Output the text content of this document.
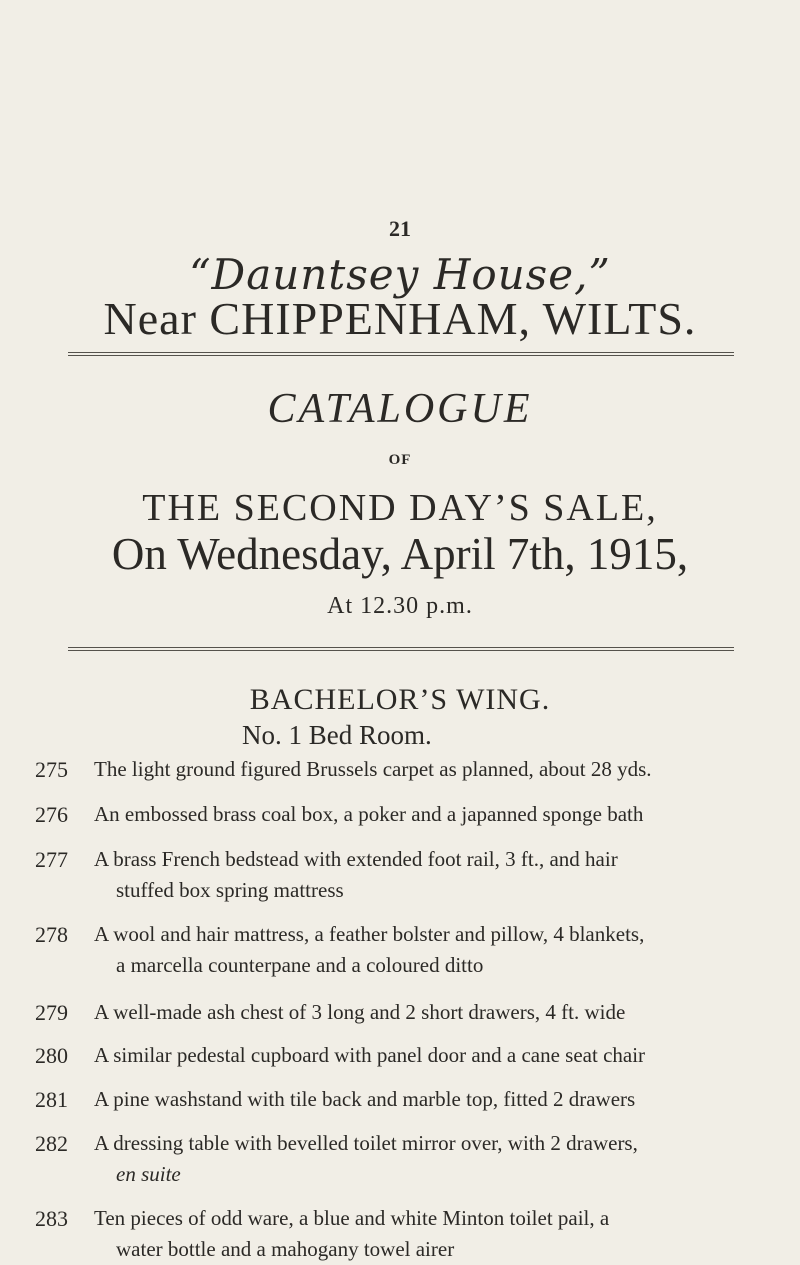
21
“Dauntsey House,”
Near CHIPPENHAM, WILTS.
CATALOGUE
OF
THE SECOND DAY’S SALE,
On Wednesday, April 7th, 1915,
At 12.30 p.m.
BACHELOR’S WING.
No. 1 Bed Room.
275	The light ground figured Brussels carpet as planned, about 28 yds.
276	An embossed brass coal box, a poker and a japanned sponge bath
277	A brass French bedstead with extended foot rail, 3 ft., and hair
stuffed box spring mattress
278	A wool and hair mattress, a feather bolster and pillow, 4 blankets,
a marcella counterpane and a coloured ditto
279	A well-made ash chest of 3 long and 2 short drawers, 4 ft. wide
280	A similar pedestal cupboard with panel door and a cane seat chair
281	A pine washstand with tile back and marble top, fitted 2 drawers
282	A dressing table with bevelled toilet mirror over, with 2 drawers,
en suite
283	Ten pieces of odd ware, a blue and white Minton toilet pail, a
water bottle and a mahogany towel airer
